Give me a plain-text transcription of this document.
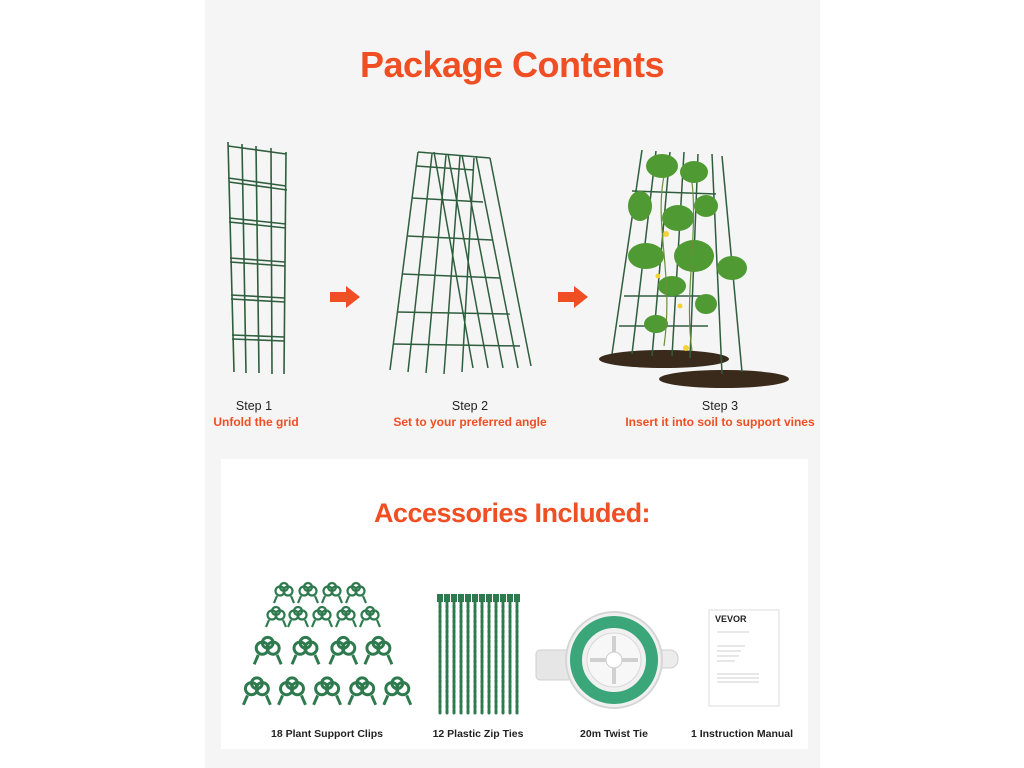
Package Contents
Step 1
Unfold the grid
Step 2
Set to your preferred angle
Step 3
Insert it into soil to support vines
Accessories Included:
VEVOR
18 Plant Support Clips	12 Plastic Zip Ties	20m Twist Tie	1 Instruction Manual
